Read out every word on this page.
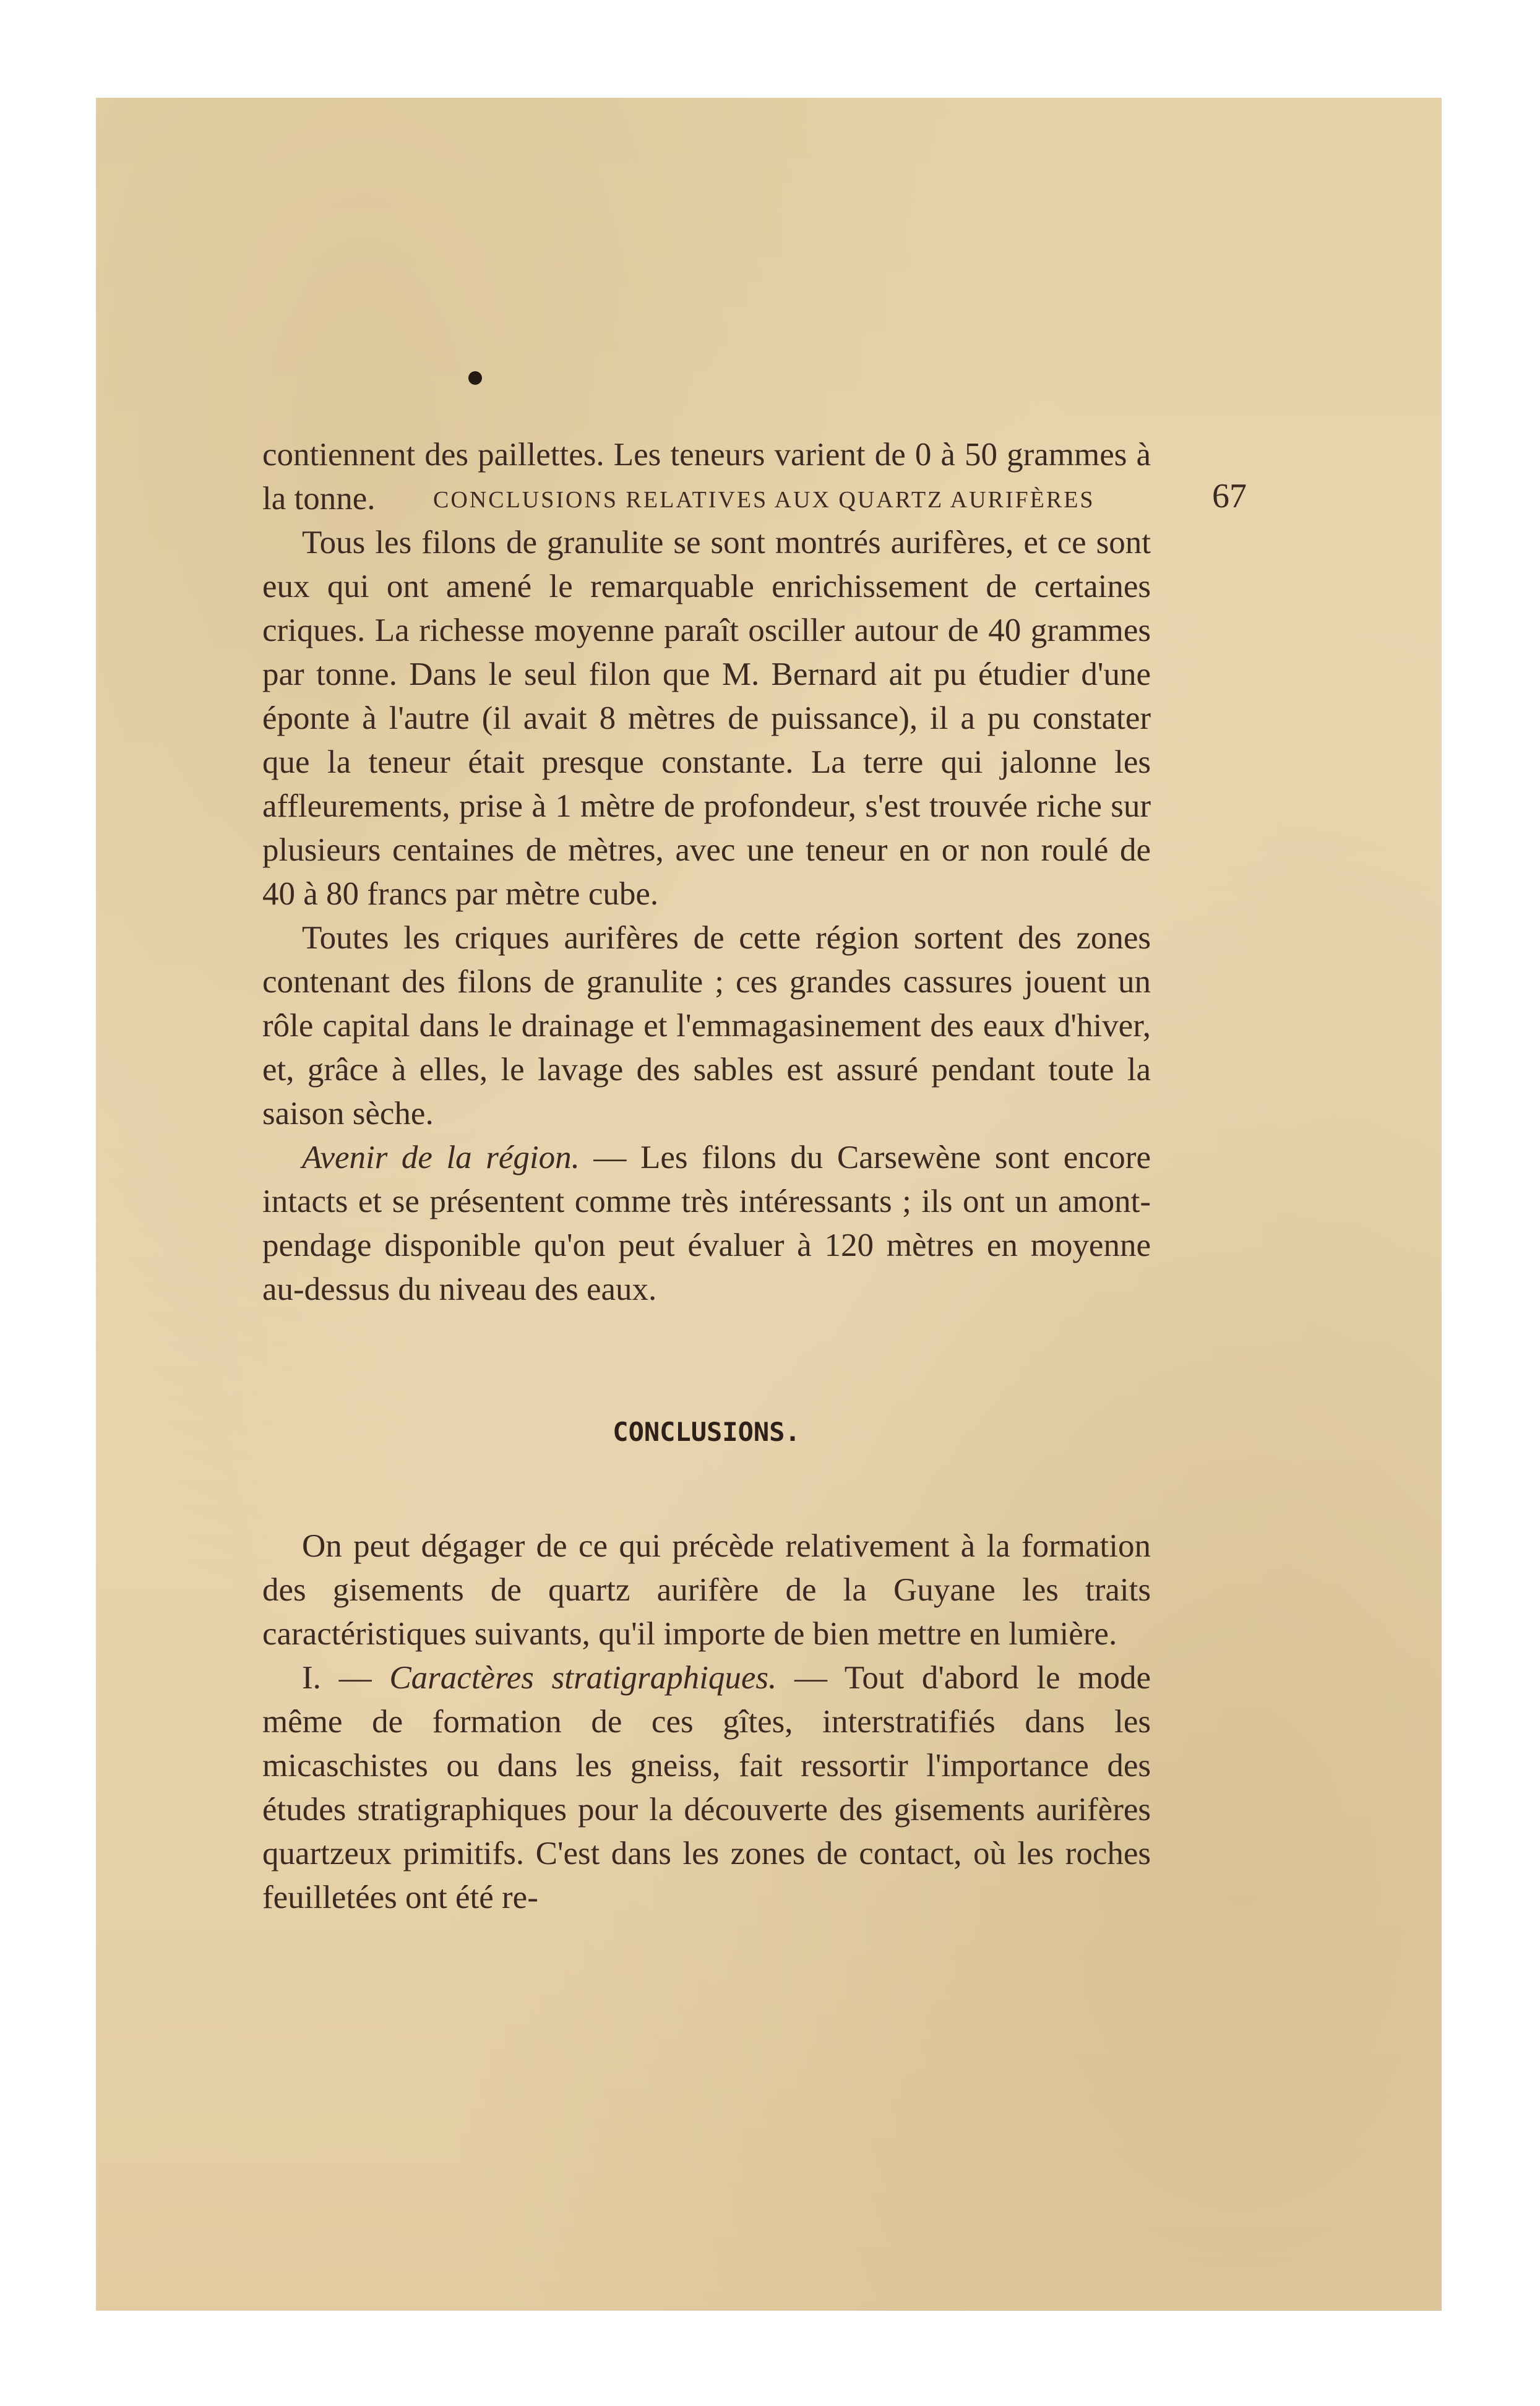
CONCLUSIONS RELATIVES AUX QUARTZ AURIFÈRES	67

contiennent des paillettes. Les teneurs varient de 0 à 50 grammes à la tonne.

Tous les filons de granulite se sont montrés aurifères, et ce sont eux qui ont amené le remarquable enrichissement de certaines criques. La richesse moyenne paraît osciller autour de 40 grammes par tonne. Dans le seul filon que M. Bernard ait pu étudier d'une éponte à l'autre (il avait 8 mètres de puissance), il a pu constater que la teneur était presque constante. La terre qui jalonne les affleurements, prise à 1 mètre de profondeur, s'est trouvée riche sur plusieurs centaines de mètres, avec une teneur en or non roulé de 40 à 80 francs par mètre cube.

Toutes les criques aurifères de cette région sortent des zones contenant des filons de granulite ; ces grandes cassures jouent un rôle capital dans le drainage et l'emmagasinement des eaux d'hiver, et, grâce à elles, le lavage des sables est assuré pendant toute la saison sèche.

Avenir de la région. — Les filons du Carsewène sont encore intacts et se présentent comme très intéressants ; ils ont un amont-pendage disponible qu'on peut évaluer à 120 mètres en moyenne au-dessus du niveau des eaux.

CONCLUSIONS.

On peut dégager de ce qui précède relativement à la formation des gisements de quartz aurifère de la Guyane les traits caractéristiques suivants, qu'il importe de bien mettre en lumière.

I. — Caractères stratigraphiques. — Tout d'abord le mode même de formation de ces gîtes, interstratifiés dans les micaschistes ou dans les gneiss, fait ressortir l'importance des études stratigraphiques pour la découverte des gisements aurifères quartzeux primitifs. C'est dans les zones de contact, où les roches feuilletées ont été re-
